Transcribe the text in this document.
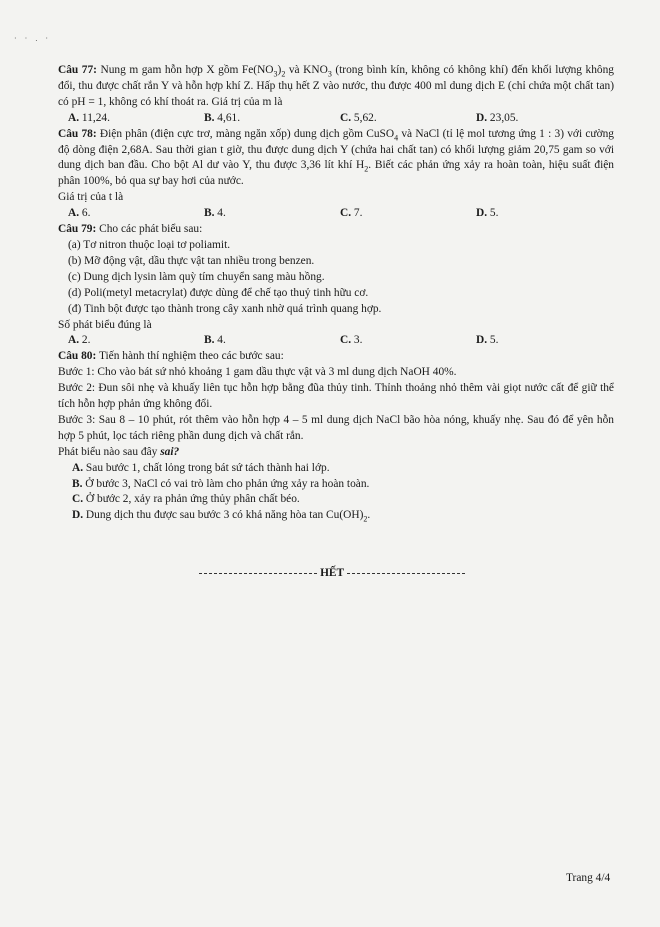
· · . ·

Câu 77: Nung m gam hỗn hợp X gồm $Fe(NO_3)_2$ và $KNO_3$ (trong bình kín, không có không khí) đến khối lượng không đổi, thu được chất rắn Y và hỗn hợp khí Z. Hấp thụ hết Z vào nước, thu được 400 ml dung dịch E (chỉ chứa một chất tan) có pH = 1, không có khí thoát ra. Giá trị của m là

A. 11,24.	B. 4,61.	C. 5,62.	D. 23,05.

Câu 78: Điện phân (điện cực trơ, màng ngăn xốp) dung dịch gồm CuSO$_4$ và NaCl (tỉ lệ mol tương ứng 1 : 3) với cường độ dòng điện 2,68A. Sau thời gian t giờ, thu được dung dịch Y (chứa hai chất tan) có khối lượng giảm 20,75 gam so với dung dịch ban đầu. Cho bột Al dư vào Y, thu được 3,36 lít khí $H_2$. Biết các phản ứng xảy ra hoàn toàn, hiệu suất điện phân 100%, bỏ qua sự bay hơi của nước.

Giá trị của t là

A. 6.	B. 4.	C. 7.	D. 5.

Câu 79: Cho các phát biểu sau:

(a) Tơ nitron thuộc loại tơ poliamit.

(b) Mỡ động vật, dầu thực vật tan nhiều trong benzen.

(c) Dung dịch lysin làm quỳ tím chuyển sang màu hồng.

(d) Poli(metyl metacrylat) được dùng để chế tạo thuỷ tinh hữu cơ.

(đ) Tinh bột được tạo thành trong cây xanh nhờ quá trình quang hợp.

Số phát biểu đúng là

A. 2.	B. 4.	C. 3.	D. 5.

Câu 80: Tiến hành thí nghiệm theo các bước sau:

Bước 1: Cho vào bát sứ nhỏ khoảng 1 gam dầu thực vật và 3 ml dung dịch NaOH 40%.

Bước 2: Đun sôi nhẹ và khuấy liên tục hỗn hợp bằng đũa thủy tinh. Thỉnh thoảng nhỏ thêm vài giọt nước cất để giữ thể tích hỗn hợp phản ứng không đổi.

Bước 3: Sau 8 – 10 phút, rót thêm vào hỗn hợp 4 – 5 ml dung dịch NaCl bão hòa nóng, khuấy nhẹ. Sau đó để yên hỗn hợp 5 phút, lọc tách riêng phần dung dịch và chất rắn.

Phát biểu nào sau đây sai?

A. Sau bước 1, chất lỏng trong bát sứ tách thành hai lớp.

B. Ở bước 3, NaCl có vai trò làm cho phản ứng xảy ra hoàn toàn.

C. Ở bước 2, xảy ra phản ứng thủy phân chất béo.

D. Dung dịch thu được sau bước 3 có khả năng hòa $\tan Cu(OH)_2$.

HẾT
Trang 4/4
